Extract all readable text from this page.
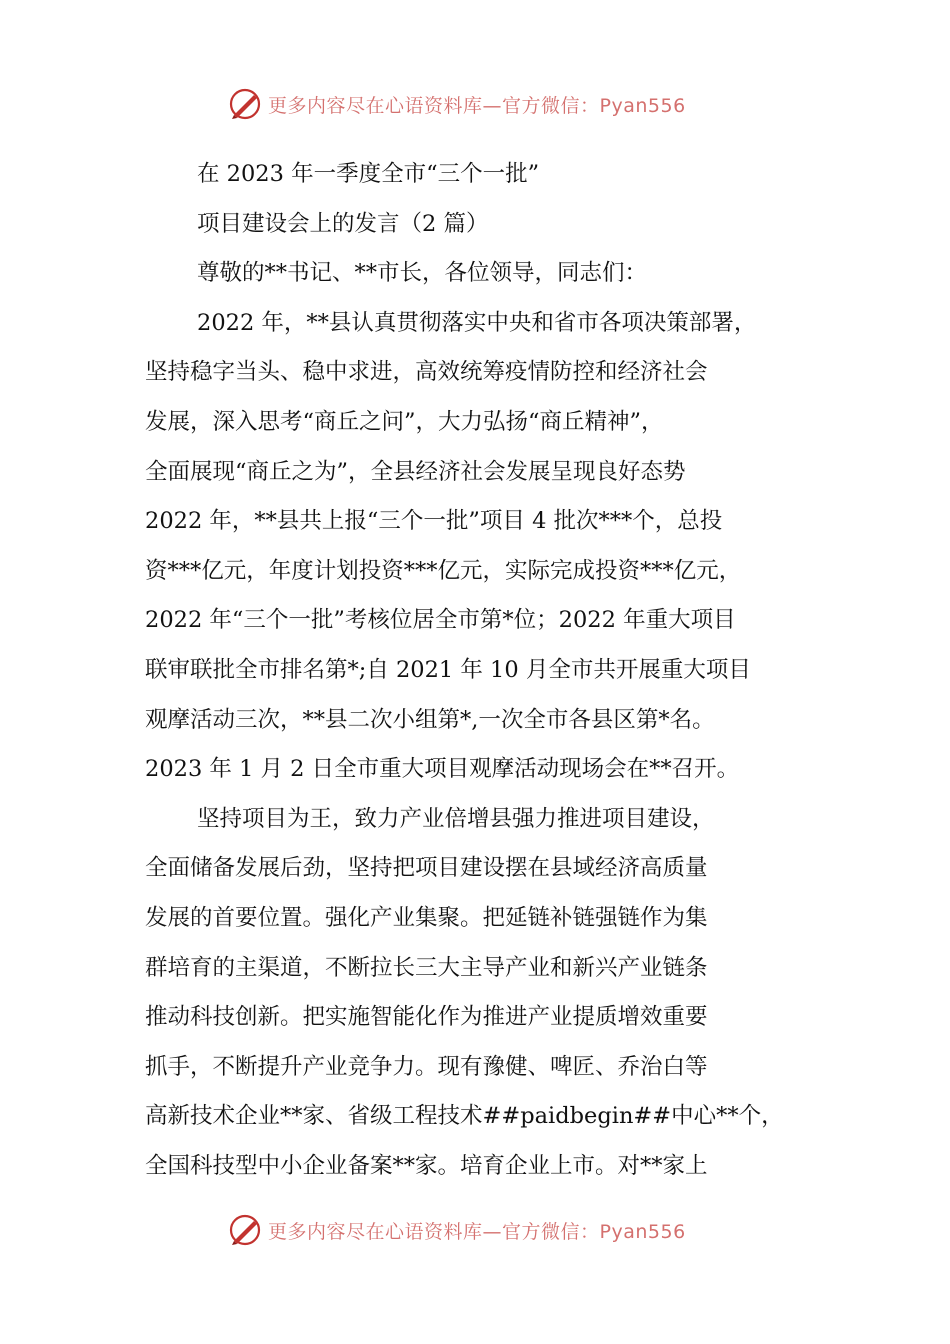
更多内容尽在心语资料库—官方微信：Pyan556
在 2023 年一季度全市“三个一批”
项目建设会上的发言（2 篇）
尊敬的**书记、**市长，各位领导，同志们：
2022 年，**县认真贯彻落实中央和省市各项决策部署，
坚持稳字当头、稳中求进，高效统筹疫情防控和经济社会
发展，深入思考“商丘之问”，大力弘扬“商丘精神”，
全面展现“商丘之为”，全县经济社会发展呈现良好态势
2022 年，**县共上报“三个一批”项目 4 批次***个，总投
资***亿元，年度计划投资***亿元，实际完成投资***亿元，
2022 年“三个一批”考核位居全市第*位；2022 年重大项目
联审联批全市排名第*;自 2021 年 10 月全市共开展重大项目
观摩活动三次，**县二次小组第*,一次全市各县区第*名。
2023 年 1 月 2 日全市重大项目观摩活动现场会在**召开。
坚持项目为王，致力产业倍增县强力推进项目建设，
全面储备发展后劲，坚持把项目建设摆在县域经济高质量
发展的首要位置。强化产业集聚。把延链补链强链作为集
群培育的主渠道，不断拉长三大主导产业和新兴产业链条
推动科技创新。把实施智能化作为推进产业提质增效重要
抓手，不断提升产业竞争力。现有豫健、啤匠、乔治白等
高新技术企业**家、省级工程技术##paidbegin##中心**个，
全国科技型中小企业备案**家。培育企业上市。对**家上
更多内容尽在心语资料库—官方微信：Pyan556
